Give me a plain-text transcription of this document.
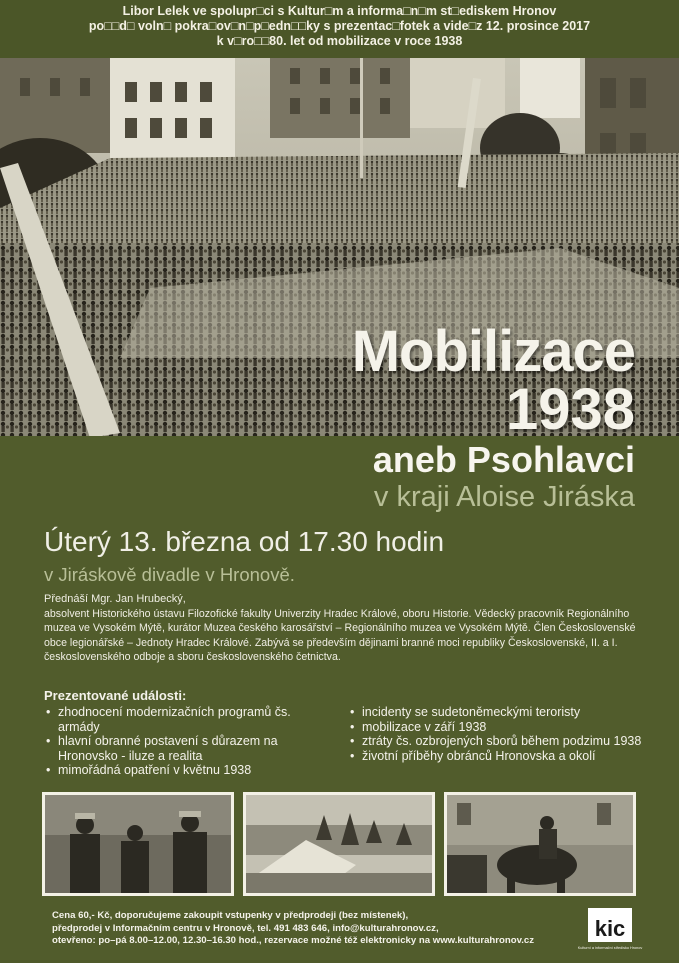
Libor Lelek ve spolupr□ci s Kultur□m a informa□n□m st□ediskem Hronov
po□□d□ voln□ pokra□ov□n□p□edn□□ky s prezentac□fotek a vide□z 12. prosince 2017
k v□ro□□80. let od mobilizace v roce 1938
Mobilizace
1938
aneb Psohlavci
v kraji Aloise Jiráska
Úterý 13. března od 17.30 hodin
v Jiráskově divadle v Hronově.
Přednáší Mgr. Jan Hrubecký,
absolvent Historického ústavu Filozofické fakulty Univerzity Hradec Králové, oboru Historie. Vědecký pracovník Regionálního muzea ve Vysokém Mýtě, kurátor Muzea českého karosářství – Regionálního muzea ve Vysokém Mýtě. Člen Československé obce legionářské – Jednoty Hradec Králové. Zabývá se především dějinami branné moci republiky Československé, II. a I. československého odboje a sboru československého četnictva.
Prezentované události:
• zhodnocení modernizačních programů čs. armády
• hlavní obranné postavení s důrazem na Hronovsko - iluze a realita
• mimořádná opatření v květnu 1938
• incidenty se sudetoněmeckými teroristy
• mobilizace v září 1938
• ztráty čs. ozbrojených sborů během podzimu 1938
• životní příběhy obránců Hronovska a okolí
Cena 60,- Kč, doporučujeme zakoupit vstupenky v předprodeji (bez místenek),
předprodej v Informačním centru v Hronově, tel. 491 483 646, info@kulturahronov.cz,
otevřeno: po–pá 8.00–12.00, 12.30–16.30 hod., rezervace možné též elektronicky na www.kulturahronov.cz	kic
Kulturní a informační středisko Hronov
